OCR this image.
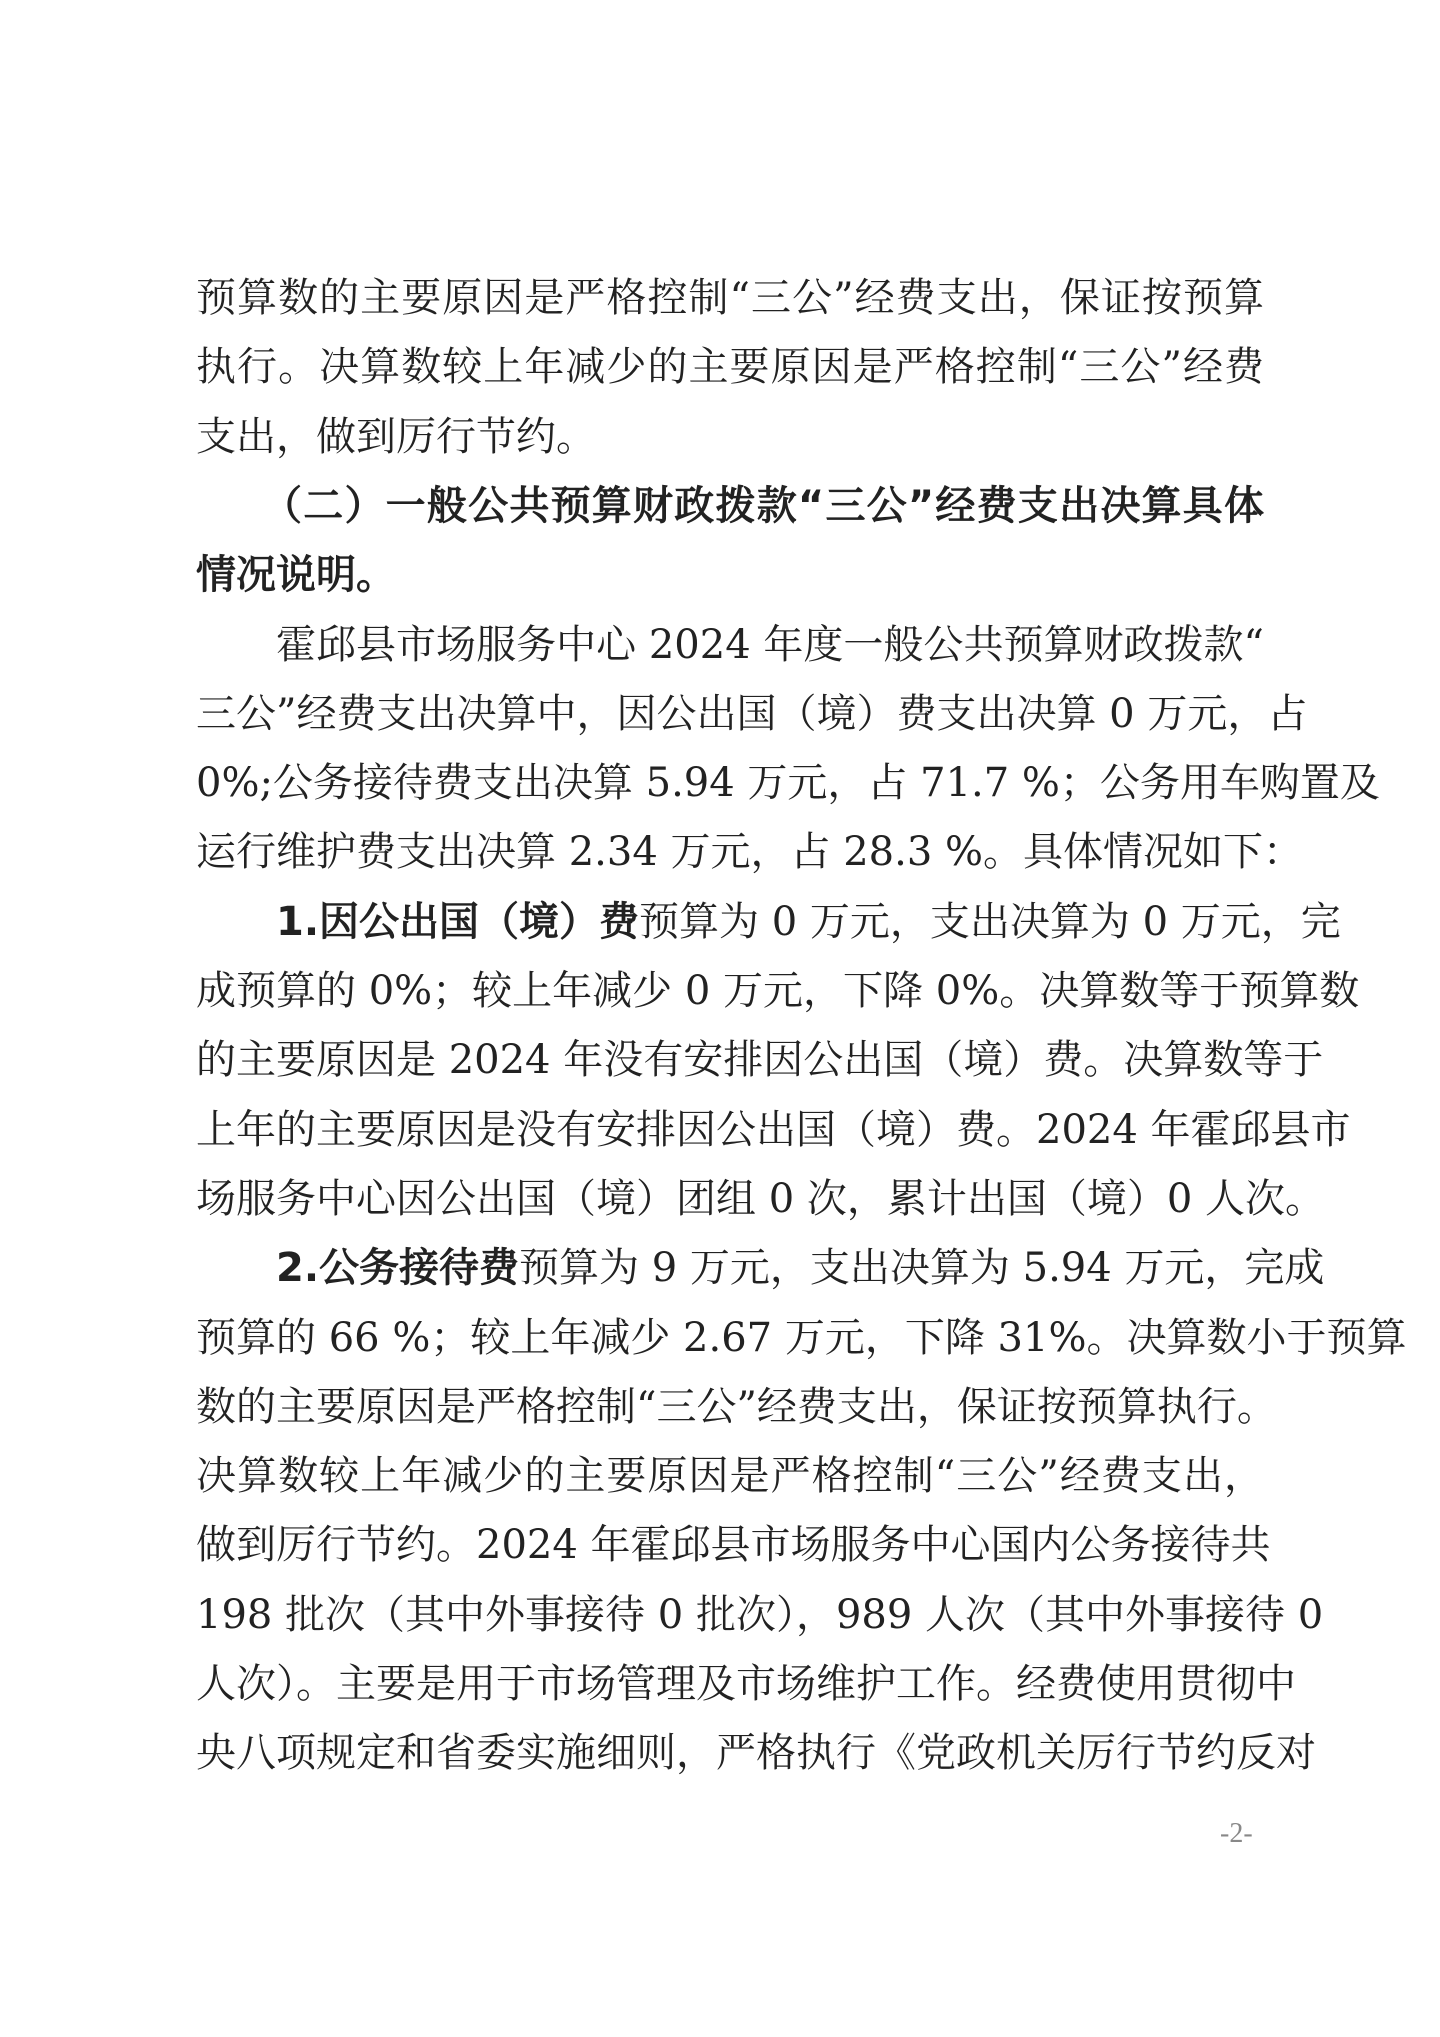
预算数的主要原因是严格控制“三公”经费支出，保证按预算
执行。决算数较上年减少的主要原因是严格控制“三公”经费
支出，做到厉行节约。
（二）一般公共预算财政拨款“三公”经费支出决算具体
情况说明。
霍邱县市场服务中心 2024 年度一般公共预算财政拨款“
三公”经费支出决算中，因公出国（境）费支出决算 0 万元，占
0%;公务接待费支出决算 5.94 万元，占 71.7 %；公务用车购置及
运行维护费支出决算 2.34 万元，占 28.3 %。具体情况如下：
1.因公出国（境）费预算为 0 万元，支出决算为 0 万元，完
成预算的 0%；较上年减少 0 万元，下降 0%。决算数等于预算数
的主要原因是 2024 年没有安排因公出国（境）费。决算数等于
上年的主要原因是没有安排因公出国（境）费。2024 年霍邱县市
场服务中心因公出国（境）团组 0 次，累计出国（境）0 人次。
2.公务接待费预算为 9 万元，支出决算为 5.94 万元，完成
预算的 66 %；较上年减少 2.67 万元，下降 31%。决算数小于预算
数的主要原因是严格控制“三公”经费支出，保证按预算执行。
决算数较上年减少的主要原因是严格控制“三公”经费支出，
做到厉行节约。2024 年霍邱县市场服务中心国内公务接待共
198 批次（其中外事接待 0 批次），989 人次（其中外事接待 0
人次）。主要是用于市场管理及市场维护工作。经费使用贯彻中
央八项规定和省委实施细则，严格执行《党政机关厉行节约反对
-2-
